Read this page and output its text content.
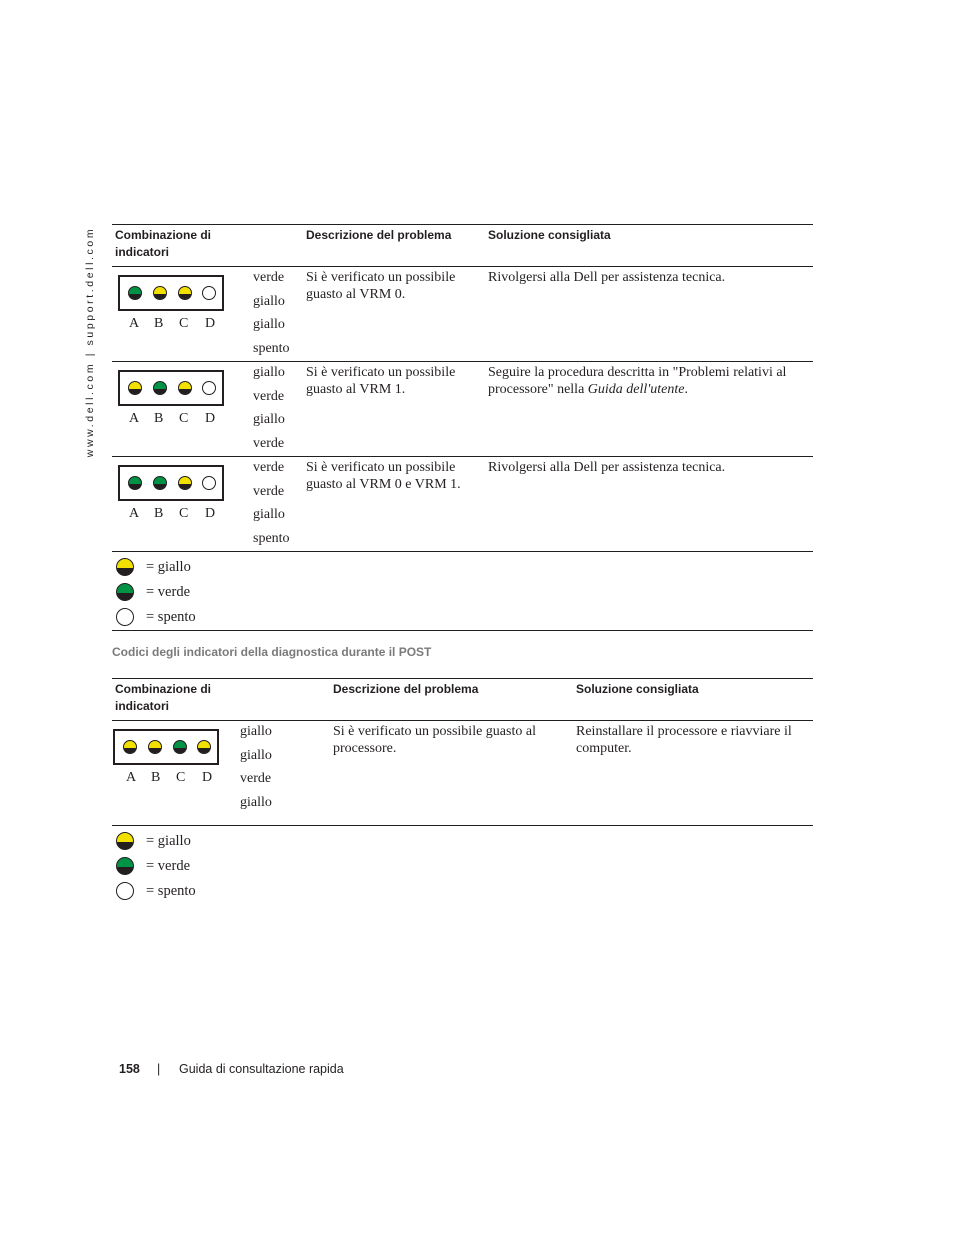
www.dell.com | support.dell.com Combinazione di indicatori
Descrizione del problema	Soluzione consigliata
A B C D
verde
giallo
giallo
spento
Si è verificato un possibile guasto al VRM 0.
Rivolgersi alla Dell per assistenza tecnica.
A B C D
giallo
verde
giallo
verde
Si è verificato un possibile guasto al VRM 1.
Seguire la procedura descritta in "Problemi relativi al processore" nella Guida dell'utente.
A B C D
verde
verde
giallo
spento
Si è verificato un possibile guasto al VRM 0 e VRM 1.
Rivolgersi alla Dell per assistenza tecnica.
= giallo
= verde
= spento
Codici degli indicatori della diagnostica durante il POST
Combinazione di indicatori
Descrizione del problema	Soluzione consigliata
A B C D
giallo
giallo
verde
giallo
Si è verificato un possibile guasto al processore.
Reinstallare il processore e riavviare il computer.
= giallo
= verde
= spento
158 | Guida di consultazione rapida
